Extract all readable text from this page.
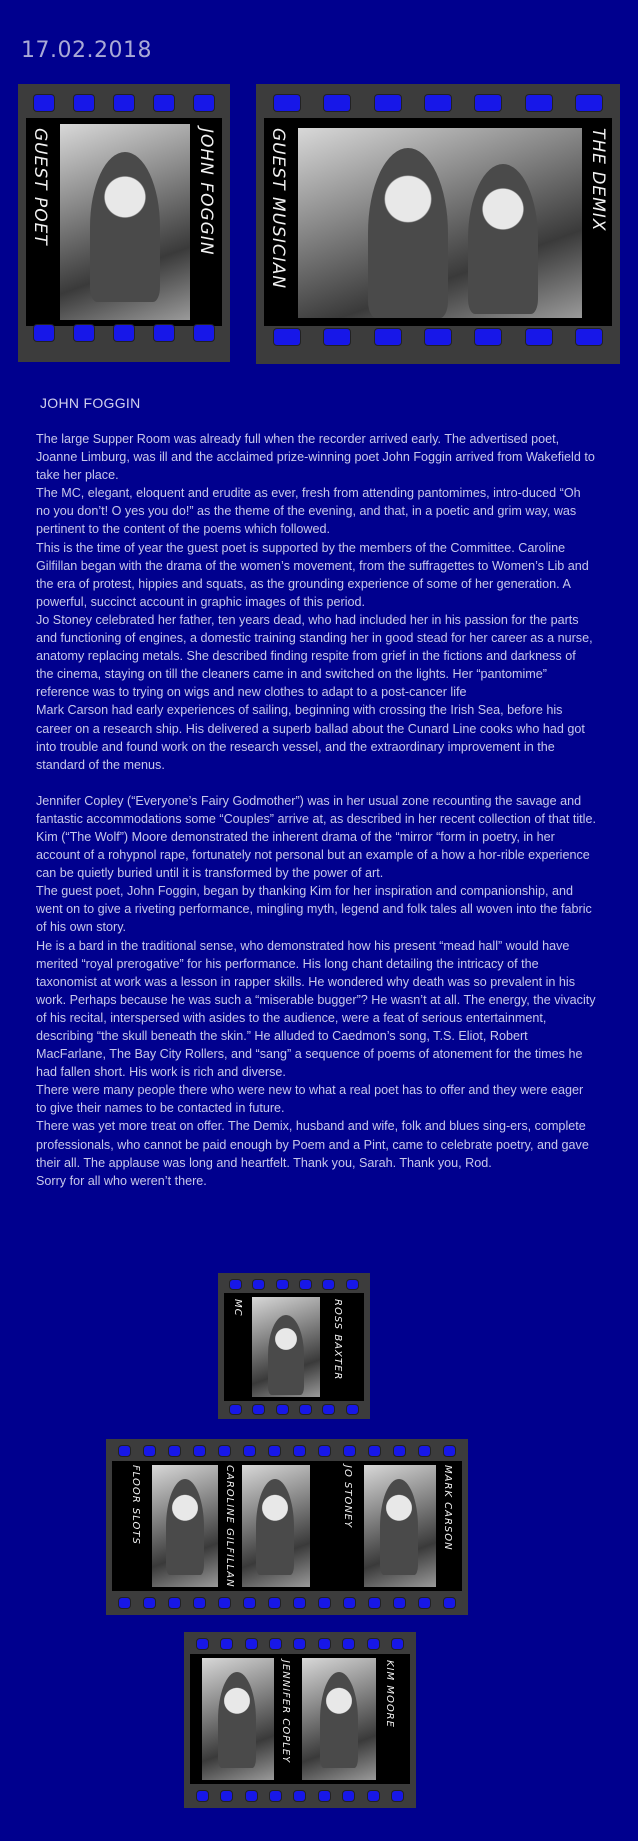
17.02.2018
GUEST POET	JOHN FOGGIN	GUEST MUSICIAN	THE DEMIX
JOHN FOGGIN

The large Supper Room was already full when the recorder arrived early. The advertised poet, Joanne Limburg, was ill and the acclaimed prize-winning poet John Foggin arrived from Wakefield to take her place.

The MC, elegant, eloquent and erudite as ever, fresh from attending pantomimes, intro-duced “Oh no you don’t! O yes you do!” as the theme of the evening, and that, in a poetic and grim way, was pertinent to the content of the poems which followed.

This is the time of year the guest poet is supported by the members of the Committee. Caroline Gilfillan began with the drama of the women’s movement, from the suffragettes to Women’s Lib and the era of protest, hippies and squats, as the grounding experience of some of her generation. A powerful, succinct account in graphic images of this period.

Jo Stoney celebrated her father, ten years dead, who had included her in his passion for the parts and functioning of engines, a domestic training standing her in good stead for her career as a nurse, anatomy replacing metals. She described finding respite from grief in the fictions and darkness of the cinema, staying on till the cleaners came in and switched on the lights. Her “pantomime” reference was to trying on wigs and new clothes to adapt to a post-cancer life

Mark Carson had early experiences of sailing, beginning with crossing the Irish Sea, before his career on a research ship. His delivered a superb ballad about the Cunard Line cooks who had got into trouble and found work on the research vessel, and the extraordinary improvement in the standard of the menus.

Jennifer Copley (“Everyone’s Fairy Godmother”) was in her usual zone recounting the savage and fantastic accommodations some “Couples” arrive at, as described in her recent collection of that title.

Kim (“The Wolf”) Moore demonstrated the inherent drama of the “mirror “form in poetry, in her account of a rohypnol rape, fortunately not personal but an example of a how a hor-rible experience can be quietly buried until it is transformed by the power of art.

The guest poet, John Foggin, began by thanking Kim for her inspiration and companionship, and went on to give a riveting performance, mingling myth, legend and folk tales all woven into the fabric of his own story.

He is a bard in the traditional sense, who demonstrated how his present “mead hall” would have merited “royal prerogative” for his performance. His long chant detailing the intricacy of the taxonomist at work was a lesson in rapper skills. He wondered why death was so prevalent in his work. Perhaps because he was such a “miserable bugger”? He wasn’t at all. The energy, the vivacity of his recital, interspersed with asides to the audience, were a feat of serious entertainment, describing “the skull beneath the skin.” He alluded to Caedmon’s song, T.S. Eliot, Robert MacFarlane, The Bay City Rollers, and “sang” a sequence of poems of atonement for the times he had fallen short. His work is rich and diverse.

There were many people there who were new to what a real poet has to offer and they were eager to give their names to be contacted in future.

There was yet more treat on offer. The Demix, husband and wife, folk and blues sing-ers, complete professionals, who cannot be paid enough by Poem and a Pint, came to celebrate poetry, and gave their all. The applause was long and heartfelt. Thank you, Sarah. Thank you, Rod.

Sorry for all who weren’t there.

MC	ROSS BAXTER
FLOOR SLOTS	CAROLINE GILFILLAN	JO STONEY	MARK CARSON
JENNIFER COPLEY	KIM MOORE
